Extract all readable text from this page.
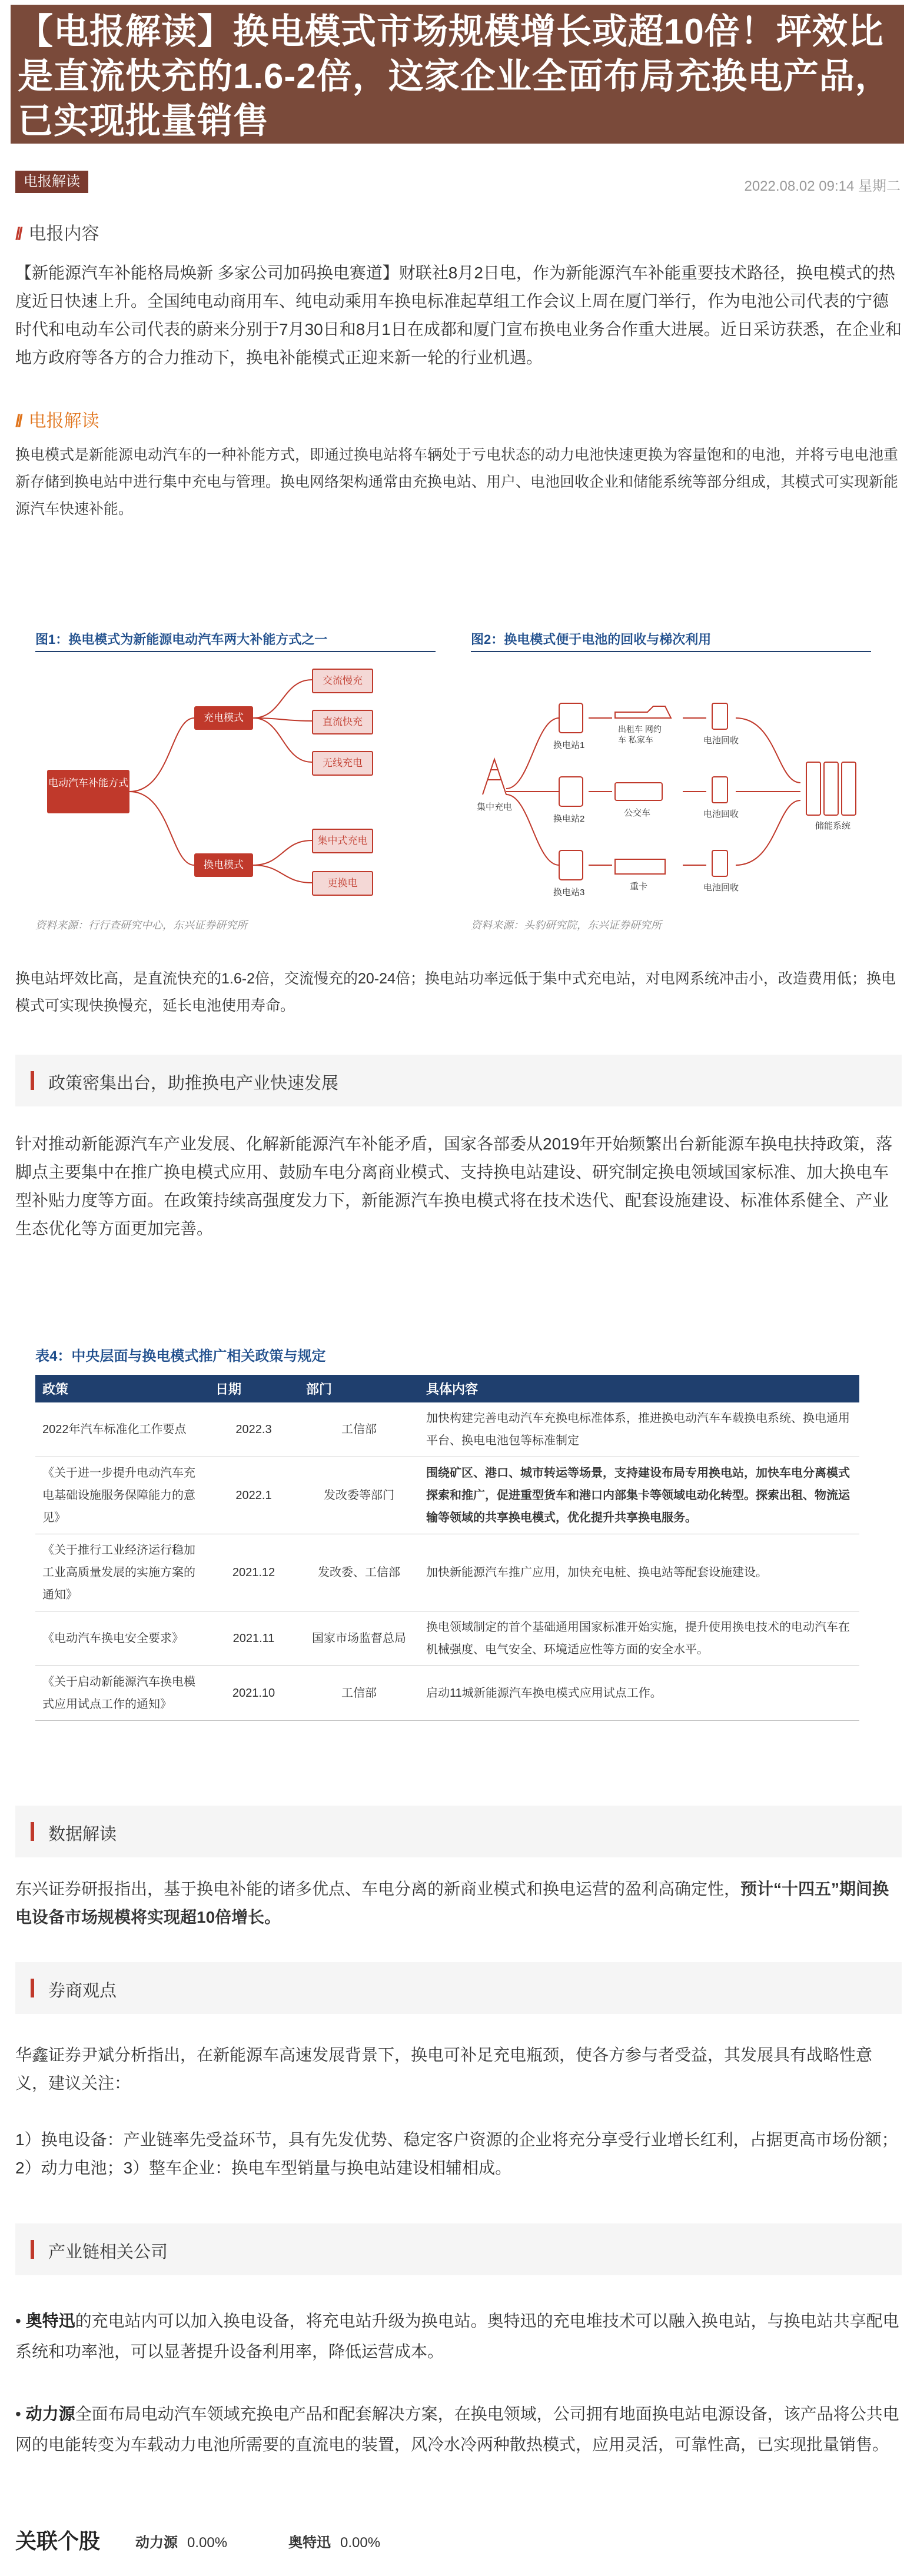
【电报解读】换电模式市场规模增长或超10倍！坪效比是直流快充的1.6-2倍，这家企业全面布局充换电产品，已实现批量销售
电报解读	2022.08.02 09:14 星期二
// 电报内容
【新能源汽车补能格局焕新 多家公司加码换电赛道】财联社8月2日电，作为新能源汽车补能重要技术路径，换电模式的热度近日快速上升。全国纯电动商用车、纯电动乘用车换电标准起草组工作会议上周在厦门举行，作为电池公司代表的宁德时代和电动车公司代表的蔚来分别于7月30日和8月1日在成都和厦门宣布换电业务合作重大进展。近日采访获悉，在企业和地方政府等各方的合力推动下，换电补能模式正迎来新一轮的行业机遇。
// 电报解读
换电模式是新能源电动汽车的一种补能方式，即通过换电站将车辆处于亏电状态的动力电池快速更换为容量饱和的电池，并将亏电电池重新存储到换电站中进行集中充电与管理。换电网络架构通常由充换电站、用户、电池回收企业和储能系统等部分组成，其模式可实现新能源汽车快速补能。
图1：换电模式为新能源电动汽车两大补能方式之一
电动汽车补能方式
充电模式
换电模式
交流慢充
直流快充
无线充电
集中式充电
更换电
资料来源：行行查研究中心，东兴证券研究所
图2：换电模式便于电池的回收与梯次利用
集中充电
换电站1
换电站2
换电站3
出租车 网约车 私家车
公交车
重卡
电池回收
电池回收
电池回收
储能系统
资料来源：头豹研究院，东兴证券研究所
换电站坪效比高，是直流快充的1.6-2倍，交流慢充的20-24倍；换电站功率远低于集中式充电站，对电网系统冲击小，改造费用低；换电模式可实现快换慢充，延长电池使用寿命。
政策密集出台，助推换电产业快速发展
针对推动新能源汽车产业发展、化解新能源汽车补能矛盾，国家各部委从2019年开始频繁出台新能源车换电扶持政策，落脚点主要集中在推广换电模式应用、鼓励车电分离商业模式、支持换电站建设、研究制定换电领域国家标准、加大换电车型补贴力度等方面。在政策持续高强度发力下，新能源汽车换电模式将在技术迭代、配套设施建设、标准体系健全、产业生态优化等方面更加完善。
表4：中央层面与换电模式推广相关政策与规定
政策	日期	部门	具体内容
2022年汽车标准化工作要点	2022.3	工信部	加快构建完善电动汽车充换电标准体系，推进换电动汽车车载换电系统、换电通用平台、换电电池包等标准制定
《关于进一步提升电动汽车充电基础设施服务保障能力的意见》	2022.1	发改委等部门	围绕矿区、港口、城市转运等场景，支持建设布局专用换电站，加快车电分离模式探索和推广，促进重型货车和港口内部集卡等领域电动化转型。探索出租、物流运输等领域的共享换电模式，优化提升共享换电服务。
《关于推行工业经济运行稳加工业高质量发展的实施方案的通知》	2021.12	发改委、工信部	加快新能源汽车推广应用，加快充电桩、换电站等配套设施建设。
《电动汽车换电安全要求》	2021.11	国家市场监督总局	换电领域制定的首个基础通用国家标准开始实施，提升使用换电技术的电动汽车在机械强度、电气安全、环境适应性等方面的安全水平。
《关于启动新能源汽车换电模式应用试点工作的通知》	2021.10	工信部	启动11城新能源汽车换电模式应用试点工作。
数据解读
东兴证券研报指出，基于换电补能的诸多优点、车电分离的新商业模式和换电运营的盈利高确定性，预计“十四五”期间换电设备市场规模将实现超10倍增长。
券商观点
华鑫证券尹斌分析指出，在新能源车高速发展背景下，换电可补足充电瓶颈，使各方参与者受益，其发展具有战略性意义，建议关注：
1）换电设备：产业链率先受益环节，具有先发优势、稳定客户资源的企业将充分享受行业增长红利，占据更高市场份额；2）动力电池；3）整车企业：换电车型销量与换电站建设相辅相成。
产业链相关公司
• 奥特迅的充电站内可以加入换电设备，将充电站升级为换电站。奥特迅的充电堆技术可以融入换电站，与换电站共享配电系统和功率池，可以显著提升设备利用率，降低运营成本。
• 动力源全面布局电动汽车领域充换电产品和配套解决方案，在换电领域，公司拥有地面换电站电源设备，该产品将公共电网的电能转变为车载动力电池所需要的直流电的装置，风冷水冷两种散热模式，应用灵活，可靠性高，已实现批量销售。
关联个股 动力源 0.00%	奥特迅 0.00%
